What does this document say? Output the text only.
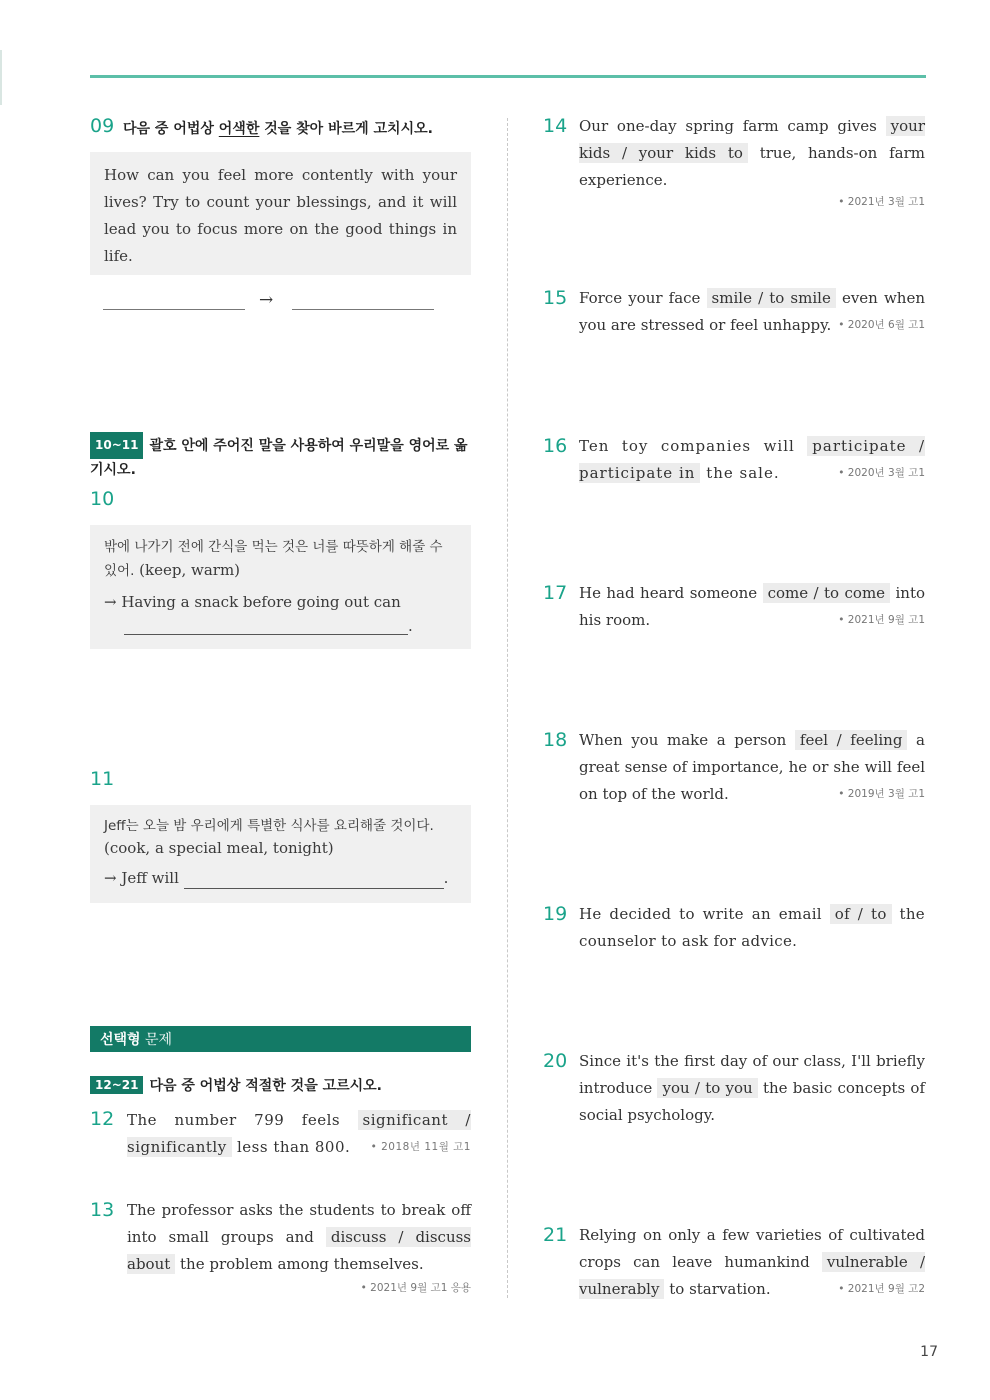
09 다음 중 어법상 어색한 것을 찾아 바르게 고치시오.
How can you feel more contently with your lives? Try to count your blessings, and it will lead you to focus more on the good things in life.
→
10~11 괄호 안에 주어진 말을 사용하여 우리말을 영어로 옮기시오.
10
밖에 나가기 전에 간식을 먹는 것은 너를 따뜻하게 해줄 수 있어. (keep, warm)
→ Having a snack before going out can
.
11
Jeff는 오늘 밤 우리에게 특별한 식사를 요리해줄 것이다.
(cook, a special meal, tonight)
→ Jeff will	.
선택형 문제
12~21 다음 중 어법상 적절한 것을 고르시오.
12 The number 799 feels significant / significantly less than 800. • 2018년 11월 고1
13 The professor asks the students to break off into small groups and discuss / discuss about the problem among themselves.
• 2021년 9월 고1 응용
14 Our one-day spring farm camp gives your kids / your kids to true, hands-on farm experience.
• 2021년 3월 고1
15 Force your face smile / to smile even when you are stressed or feel unhappy. • 2020년 6월 고1
16 Ten toy companies will participate / participate in the sale.	• 2020년 3월 고1
17 He had heard someone come / to come into his room.	• 2021년 9월 고1
18 When you make a person feel / feeling a great sense of importance, he or she will feel on top of the world.	• 2019년 3월 고1
19 He decided to write an email of / to the counselor to ask for advice.
20 Since it's the first day of our class, I'll briefly introduce you / to you the basic concepts of social psychology.
21 Relying on only a few varieties of cultivated crops can leave humankind vulnerable / vulnerably to starvation.	• 2021년 9월 고2
17
